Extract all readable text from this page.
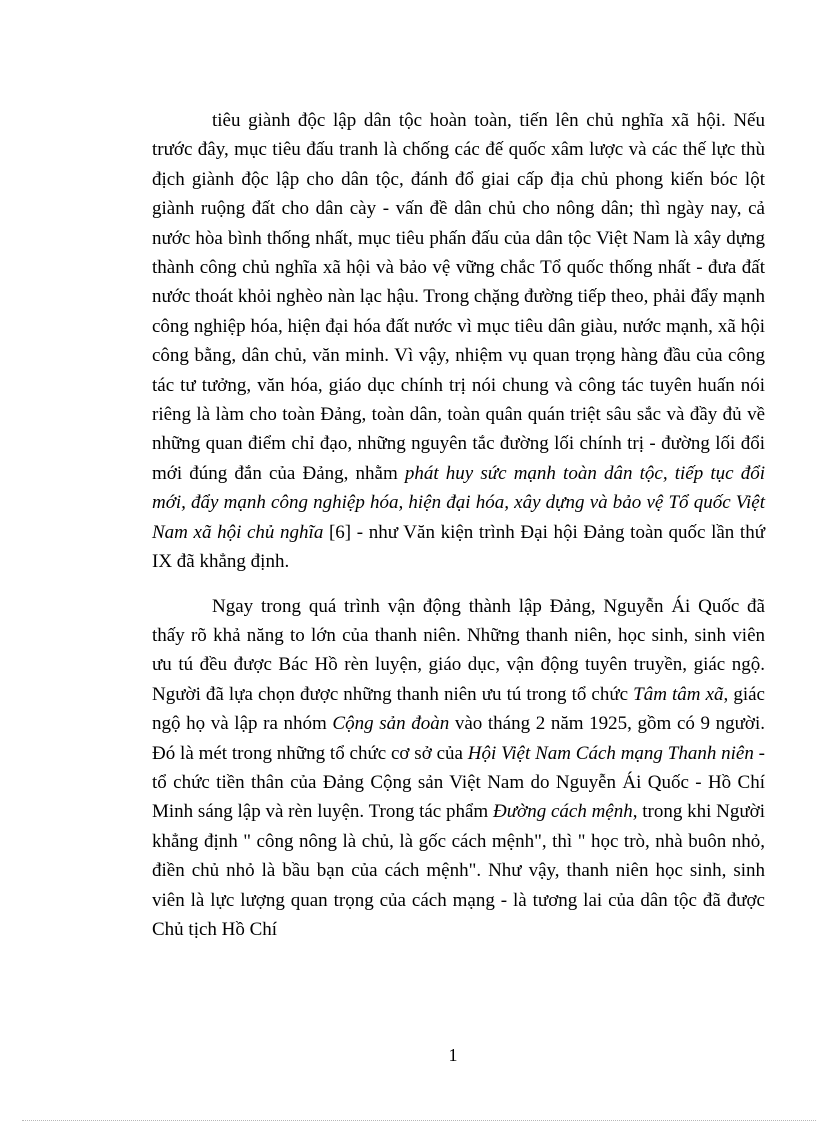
tiêu giành độc lập dân tộc hoàn toàn, tiến lên chủ nghĩa xã hội. Nếu trước đây, mục tiêu đấu tranh là chống các đế quốc xâm lược và các thế lực thù địch giành độc lập cho dân tộc, đánh đổ giai cấp địa chủ phong kiến bóc lột giành ruộng đất cho dân cày - vấn đề dân chủ cho nông dân; thì ngày nay, cả nước hòa bình thống nhất, mục tiêu phấn đấu của dân tộc Việt Nam là xây dựng thành công chủ nghĩa xã hội và bảo vệ vững chắc Tổ quốc thống nhất - đưa đất nước thoát khỏi nghèo nàn lạc hậu. Trong chặng đường tiếp theo, phải đẩy mạnh công nghiệp hóa, hiện đại hóa đất nước vì mục tiêu dân giàu, nước mạnh, xã hội công bằng, dân chủ, văn minh. Vì vậy, nhiệm vụ quan trọng hàng đầu của công tác tư tưởng, văn hóa, giáo dục chính trị nói chung và công tác tuyên huấn nói riêng là làm cho toàn Đảng, toàn dân, toàn quân quán triệt sâu sắc và đầy đủ về những quan điểm chỉ đạo, những nguyên tắc đường lối chính trị - đường lối đổi mới đúng đắn của Đảng, nhằm phát huy sức mạnh toàn dân tộc, tiếp tục đổi mới, đẩy mạnh công nghiệp hóa, hiện đại hóa, xây dựng và bảo vệ Tổ quốc Việt Nam xã hội chủ nghĩa [6] - như Văn kiện trình Đại hội Đảng toàn quốc lần thứ IX đã khẳng định.

Ngay trong quá trình vận động thành lập Đảng, Nguyễn Ái Quốc đã thấy rõ khả năng to lớn của thanh niên. Những thanh niên, học sinh, sinh viên ưu tú đều được Bác Hồ rèn luyện, giáo dục, vận động tuyên truyền, giác ngộ. Người đã lựa chọn được những thanh niên ưu tú trong tổ chức Tâm tâm xã, giác ngộ họ và lập ra nhóm Cộng sản đoàn vào tháng 2 năm 1925, gồm có 9 người. Đó là mét trong những tổ chức cơ sở của Hội Việt Nam Cách mạng Thanh niên - tổ chức tiền thân của Đảng Cộng sản Việt Nam do Nguyễn Ái Quốc - Hồ Chí Minh sáng lập và rèn luyện. Trong tác phẩm Đường cách mệnh, trong khi Người khẳng định " công nông là chủ, là gốc cách mệnh", thì " học trò, nhà buôn nhỏ, điền chủ nhỏ là bầu bạn của cách mệnh". Như vậy, thanh niên học sinh, sinh viên là lực lượng quan trọng của cách mạng - là tương lai của dân tộc đã được Chủ tịch Hồ Chí

1
